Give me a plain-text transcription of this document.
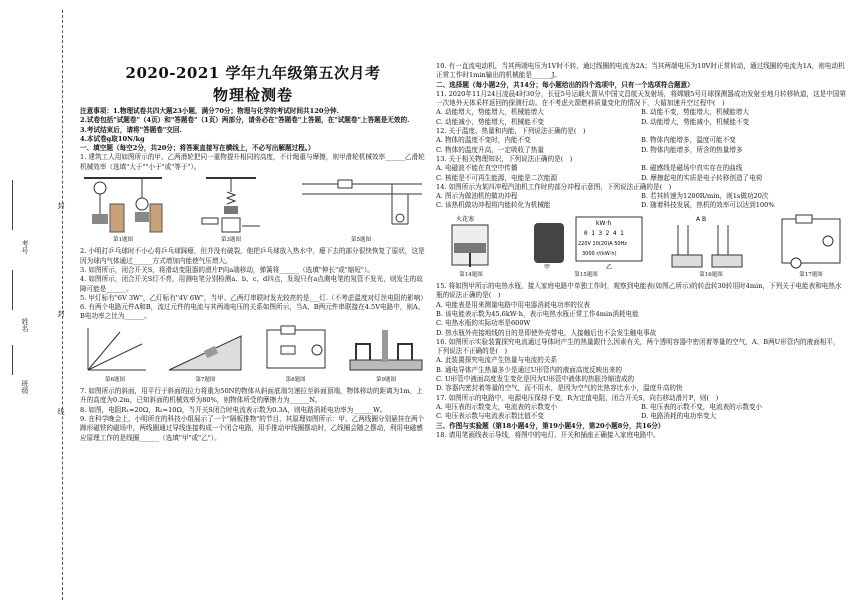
封
封
线
考号
姓名
班级
2020-2021 学年九年级第五次月考
物理检测卷

注意事项：1.物理试卷共四大题23小题，满分70分；物理与化学的考试时间共120分钟.

2.试卷包括"试题卷"（4页）和"答题卷"（1页）两部分，请务必在"答题卷"上答题，在"试题卷"上答题是无效的.

3.考试结束后，请将"答题卷"交回.

4.本试卷g取10N/kg

一、填空题（每空2分，共20分；将答案直接写在横线上，不必写出解题过程。）

1. 建筑工人用如图所示的甲、乙两滑轮把同一重物提升相同的高度，不计绳重与摩擦，则甲滑轮机械效率______乙滑轮机械效率（选填"大于""小于"或"等于"）。

第1题图	第3题图	第5题图

2. 小明打乒乓球时不小心将乒乓球踩瘪，但并没有破裂，他把乒乓球放入热水中，瘪下去的部分很快恢复了原状，这是因为球内气体通过______方式增加内能使气压增大。

3. 如图所示，闭合开关S，将滑动变阻器的滑片P向a端移动，弹簧将______（选填"伸长"或"缩短"）。

4. 如图所示，闭合开关S灯不亮，用测电笔分别检测a、b、c、d四点，发现只有a点测电笔的氖管不发光，则发生的故障可能是______。

5. 甲灯标有"6V 3W"，乙灯标有"4V 6W"，当甲、乙两灯串联时发光较亮的是___灯.（不考虑温度对灯丝电阻的影响）

6. 有两个电路元件A和B，流过元件的电流与其两端电压的关系如图所示，当A、B两元件串联接在4.5V电路中，则A、B电功率之比为______。

第6题图	第7题图	第8题图	第9题图

7. 如图所示的斜面，用平行于斜面的拉力将重为50N的物体从斜面底端匀速拉至斜面顶端，物体移动的距离为1m，上升的高度为0.2m，已知斜面的机械效率为80%，则物体所受的摩擦力为______N。

8. 如图，电阻R₁=20Ω，R₂=10Ω，当开关S闭合时电流表示数为0.3A，则电路消耗电功率为______W。

9. 在科学晚会上，小明所在的科技小组展示了一个"隔板推物"的节目，其原理如图所示：甲、乙两线圈分别悬挂在两个蹄形磁铁的磁场中，两线圈通过导线连接构成一个闭合电路，用手推动甲线圈摆动时，乙线圈会随之摆动，利用电磁感应原理工作的是线圈______（选填"甲"或"乙"）。

10. 有一直流电动机，当其两端电压为1V时不转，通过线圈的电流为2A；当其两端电压为10V时正常转动，通过线圈的电流为1A，则电动机正常工作时1min输出的机械能是______J。

二、选择题（每小题2分，共14分；每小题给出的四个选项中，只有一个选项符合题意）

11. 2020年11月24日凌晨4时30分，长征5号运载火箭从中国文昌航天发射场，将嫦娥5号月球探测器成功发射至地月转移轨道，这是中国第一次地外天体采样返回的探测行动。在不考虑火箭燃料质量变化的情况下，大循加速升空过程中(　)

A. 动能增大，势能增大，机械能增大	B. 动能不变，势能增大，机械能增大
C. 动能减小，势能增大，机械能不变	D. 动能增大，势能减小，机械能不变

12. 关于温度、热量和内能，下列说法正确的是(　)

A. 物体的温度不变时，内能不变	B. 物体内能增多，温度可能不变
C. 物体的温度升高，一定吸收了热量	D. 物体内能增多，所含的热量增多

13. 关于相关物理知识，下列说法正确的是(　)

A. 电磁波不能在真空中传播	B. 磁感线是磁场中真实存在的曲线
C. 核能是不可再生能源，电能是二次能源	D. 摩擦起电的实质是电子转移创造了电荷

14. 如图所示为某四冲程汽油机工作时的部分冲程示意图，下列说法正确的是(　)

A. 图示为做油机的做功冲程	B. 若其转速为1200R/min，则1s做功20次
C. 该热机做功冲程将内能转化为机械能	D. 随着科技发展，热机的效率可以达到100%
火花塞
第14题图
甲
kW·h
0 1 3 2 4 1
220V 10(20)A 50Hz
3000 r/(kW·h)
乙
第15题图
A B
第16题图	第17题图

15. 将如图甲所示的电热水瓶，接入家庭电路中单独工作时，观察到电能表(如图乙所示)的转盘转30转用时4min，下列关于电能表和电热水瓶的说法正确的是(　)

A. 电能表是用来测量电路中用电器消耗电功率的仪表

B. 该电能表示数为45.6kW·h，表示电热水瓶正常工作4min消耗电能

C. 电热水瓶的实际功率是600W

D. 热水瓶外壳接地线的目的是即使外壳带电，人接触后也不会发生触电事故

16. 如图所示实验装置探究电流通过导体时产生的热量跟什么因素有关，两个透明容器中密闭着等量的空气，A、B两U形管内的液面相平，下列说法不正确的是(　)

A. 此装置探究电流产生热量与电流的关系

B. 通电导体产生热量多少是通过U形管内的液面高度反映出来的

C. U形管中液面高度发生变化是因为U形管中液体的热胀冷缩造成的

D. 容器内密封着等量的空气，而不用水，是因为空气的比热容比水小，温度升高的快

17. 如图所示的电路中，电源电压保持不变，R为定值电阻，闭合开关S，向右移动滑片P，则(　)

A. 电压表的示数变大，电流表的示数变小	B. 电压表的示数不变，电流表的示数变小
C. 电压表示数与电流表示数比值不变	D. 电路消耗的电功率变大

三、作图与实验题（第18小题4分，第19小题4分，第20小题8分，共16分）

18. 请用笔画线表示导线，将图中的电灯、开关和插座正确接入家庭电路中。
